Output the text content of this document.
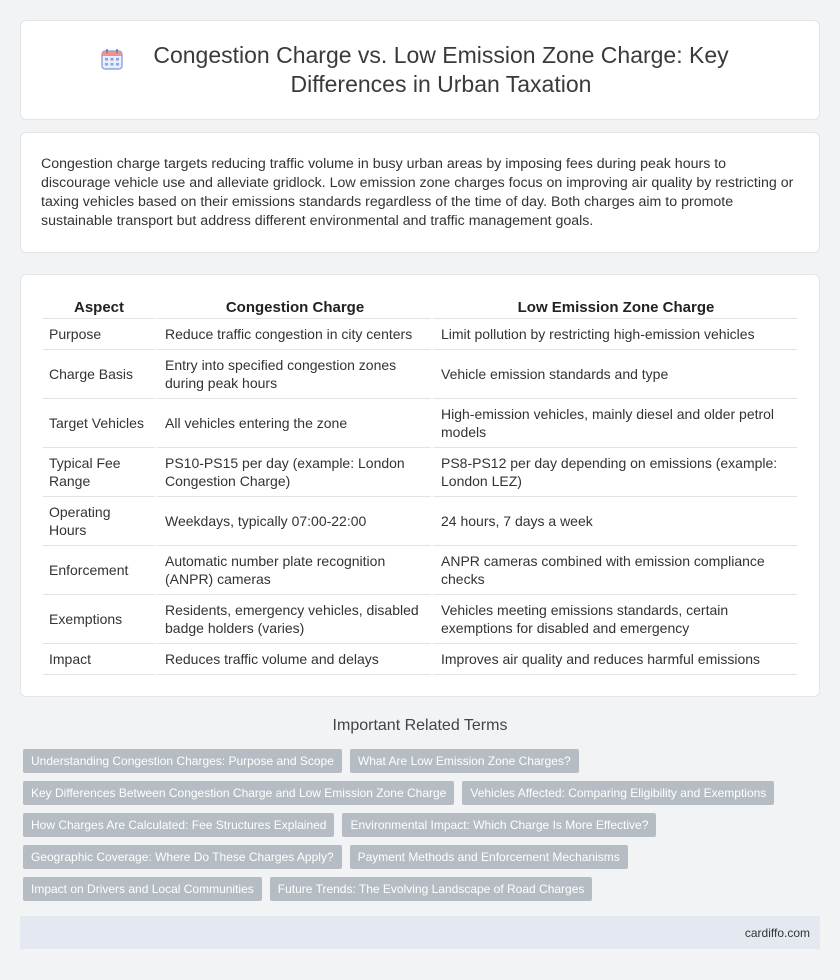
Congestion Charge vs. Low Emission Zone Charge: Key Differences in Urban Taxation

Congestion charge targets reducing traffic volume in busy urban areas by imposing fees during peak hours to discourage vehicle use and alleviate gridlock. Low emission zone charges focus on improving air quality by restricting or taxing vehicles based on their emissions standards regardless of the time of day. Both charges aim to promote sustainable transport but address different environmental and traffic management goals.

Aspect	Congestion Charge	Low Emission Zone Charge
Purpose	Reduce traffic congestion in city centers	Limit pollution by restricting high-emission vehicles
Charge Basis	Entry into specified congestion zones during peak hours	Vehicle emission standards and type
Target Vehicles	All vehicles entering the zone	High-emission vehicles, mainly diesel and older petrol models
Typical Fee Range	PS10-PS15 per day (example: London Congestion Charge)	PS8-PS12 per day depending on emissions (example: London LEZ)
Operating Hours	Weekdays, typically 07:00-22:00	24 hours, 7 days a week
Enforcement	Automatic number plate recognition (ANPR) cameras	ANPR cameras combined with emission compliance checks
Exemptions	Residents, emergency vehicles, disabled badge holders (varies)	Vehicles meeting emissions standards, certain exemptions for disabled and emergency
Impact	Reduces traffic volume and delays	Improves air quality and reduces harmful emissions
Important Related Terms
Understanding Congestion Charges: Purpose and Scope	What Are Low Emission Zone Charges?
Key Differences Between Congestion Charge and Low Emission Zone Charge	Vehicles Affected: Comparing Eligibility and Exemptions
How Charges Are Calculated: Fee Structures Explained	Environmental Impact: Which Charge Is More Effective?
Geographic Coverage: Where Do These Charges Apply?	Payment Methods and Enforcement Mechanisms
Impact on Drivers and Local Communities	Future Trends: The Evolving Landscape of Road Charges
cardiffo.com
